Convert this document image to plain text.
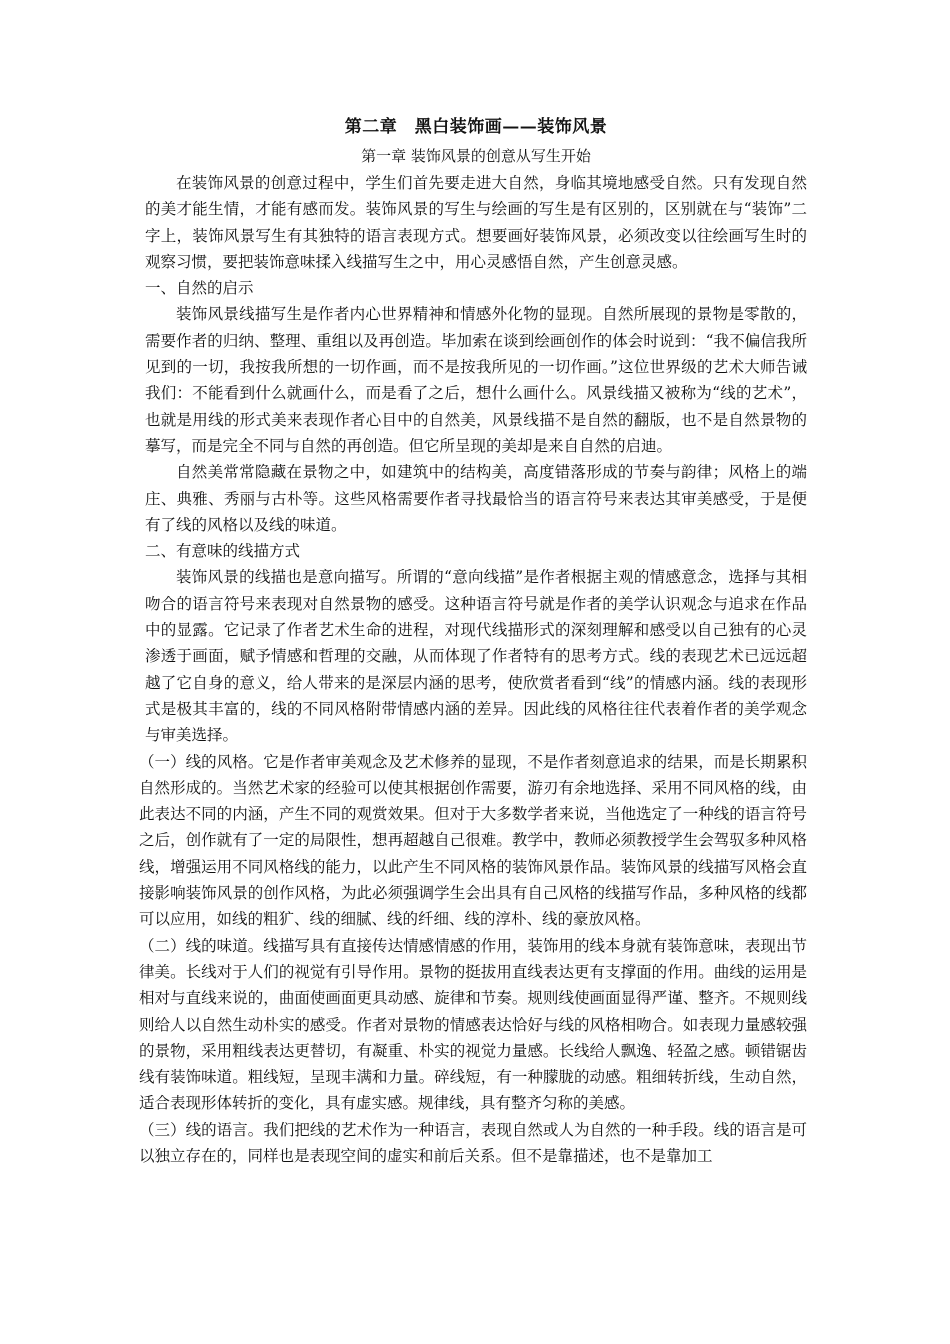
第二章　黑白装饰画——装饰风景
第一章 装饰风景的创意从写生开始

在装饰风景的创意过程中，学生们首先要走进大自然，身临其境地感受自然。只有发现自然的美才能生情，才能有感而发。装饰风景的写生与绘画的写生是有区别的，区别就在与“装饰”二字上，装饰风景写生有其独特的语言表现方式。想要画好装饰风景，必须改变以往绘画写生时的观察习惯，要把装饰意味揉入线描写生之中，用心灵感悟自然，产生创意灵感。

一、自然的启示

装饰风景线描写生是作者内心世界精神和情感外化物的显现。自然所展现的景物是零散的，需要作者的归纳、整理、重组以及再创造。毕加索在谈到绘画创作的体会时说到：“我不偏信我所见到的一切，我按我所想的一切作画，而不是按我所见的一切作画。”这位世界级的艺术大师告诫我们：不能看到什么就画什么，而是看了之后，想什么画什么。风景线描又被称为“线的艺术”，也就是用线的形式美来表现作者心目中的自然美，风景线描不是自然的翻版，也不是自然景物的摹写，而是完全不同与自然的再创造。但它所呈现的美却是来自自然的启迪。

自然美常常隐藏在景物之中，如建筑中的结构美，高度错落形成的节奏与韵律；风格上的端庄、典雅、秀丽与古朴等。这些风格需要作者寻找最恰当的语言符号来表达其审美感受，于是便有了线的风格以及线的味道。

二、有意味的线描方式

装饰风景的线描也是意向描写。所谓的“意向线描”是作者根据主观的情感意念，选择与其相吻合的语言符号来表现对自然景物的感受。这种语言符号就是作者的美学认识观念与追求在作品中的显露。它记录了作者艺术生命的进程，对现代线描形式的深刻理解和感受以自己独有的心灵渗透于画面，赋予情感和哲理的交融，从而体现了作者特有的思考方式。线的表现艺术已远远超越了它自身的意义，给人带来的是深层内涵的思考，使欣赏者看到“线”的情感内涵。线的表现形式是极其丰富的，线的不同风格附带情感内涵的差异。因此线的风格往往代表着作者的美学观念与审美选择。

（一）线的风格。它是作者审美观念及艺术修养的显现，不是作者刻意追求的结果，而是长期累积自然形成的。当然艺术家的经验可以使其根据创作需要，游刃有余地选择、采用不同风格的线，由此表达不同的内涵，产生不同的观赏效果。但对于大多数学者来说，当他选定了一种线的语言符号之后，创作就有了一定的局限性，想再超越自己很难。教学中，教师必须教授学生会驾驭多种风格线，增强运用不同风格线的能力，以此产生不同风格的装饰风景作品。装饰风景的线描写风格会直接影响装饰风景的创作风格，为此必须强调学生会出具有自己风格的线描写作品，多种风格的线都可以应用，如线的粗犷、线的细腻、线的纤细、线的淳朴、线的豪放风格。

（二）线的味道。线描写具有直接传达情感情感的作用，装饰用的线本身就有装饰意味，表现出节律美。长线对于人们的视觉有引导作用。景物的挺拔用直线表达更有支撑面的作用。曲线的运用是相对与直线来说的，曲面使画面更具动感、旋律和节奏。规则线使画面显得严谨、整齐。不规则线则给人以自然生动朴实的感受。作者对景物的情感表达恰好与线的风格相吻合。如表现力量感较强的景物，采用粗线表达更替切，有凝重、朴实的视觉力量感。长线给人飘逸、轻盈之感。顿错锯齿线有装饰味道。粗线短，呈现丰满和力量。碎线短，有一种朦胧的动感。粗细转折线，生动自然，适合表现形体转折的变化，具有虚实感。规律线，具有整齐匀称的美感。

（三）线的语言。我们把线的艺术作为一种语言，表现自然或人为自然的一种手段。线的语言是可以独立存在的，同样也是表现空间的虚实和前后关系。但不是靠描述，也不是靠加工
